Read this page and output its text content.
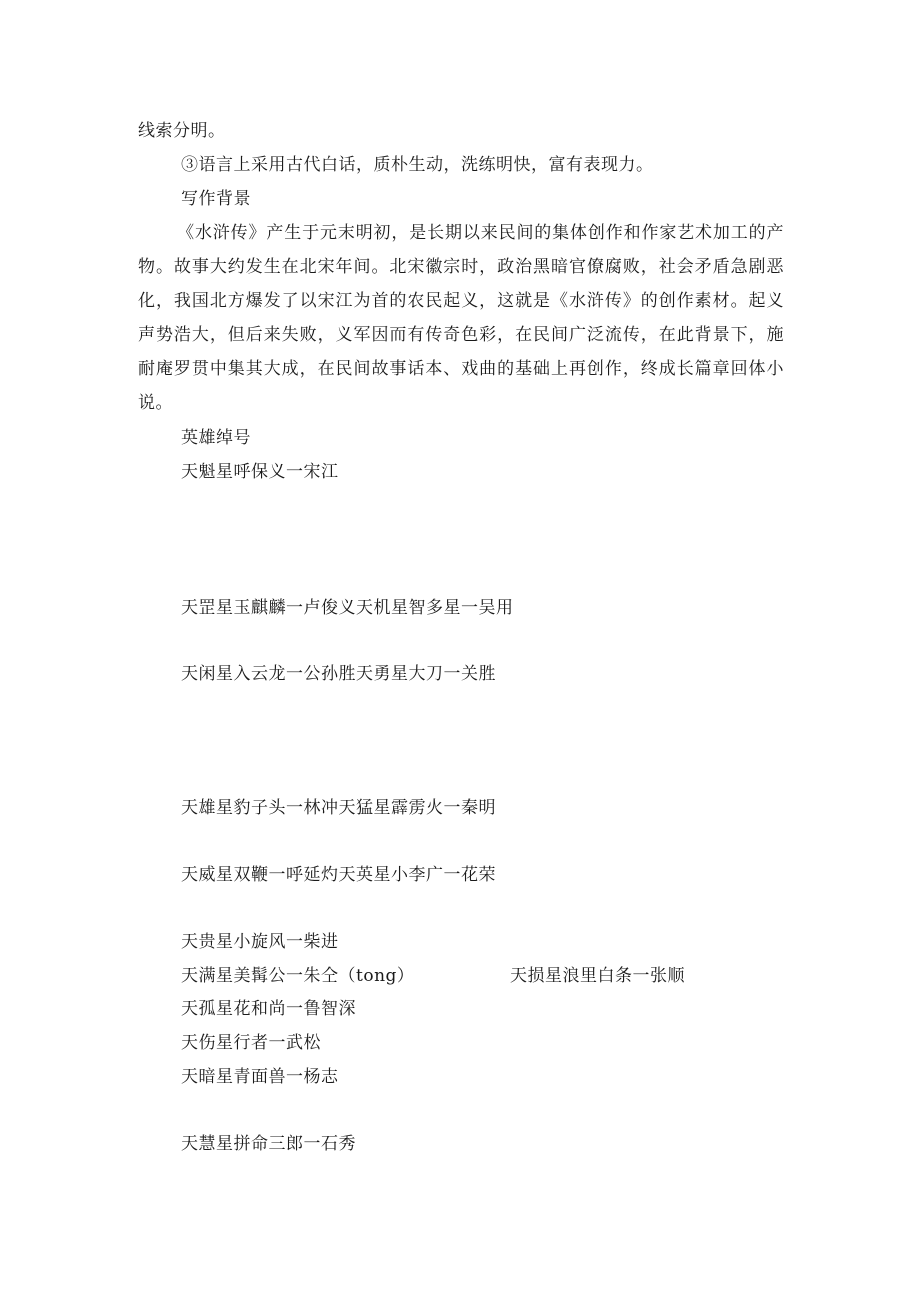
线索分明。
③语言上采用古代白话，质朴生动，洗练明快，富有表现力。
写作背景
《水浒传》产生于元末明初，是长期以来民间的集体创作和作家艺术加工的产物。故事大约发生在北宋年间。北宋徽宗时，政治黑暗官僚腐败，社会矛盾急剧恶化，我国北方爆发了以宋江为首的农民起义，这就是《水浒传》的创作素材。起义声势浩大，但后来失败，义军因而有传奇色彩，在民间广泛流传，在此背景下，施耐庵罗贯中集其大成，在民间故事话本、戏曲的基础上再创作，终成长篇章回体小说。
英雄绰号
天魁星呼保义一宋江
天罡星玉麒麟一卢俊义天机星智多星一吴用
天闲星入云龙一公孙胜天勇星大刀一关胜
天雄星豹子头一林冲天猛星霹雳火一秦明
天威星双鞭一呼延灼天英星小李广一花荣
天贵星小旋风一柴进
天满星美髯公一朱仝（tong）	天损星浪里白条一张顺
天孤星花和尚一鲁智深
天伤星行者一武松
天暗星青面兽一杨志
天慧星拼命三郎一石秀
